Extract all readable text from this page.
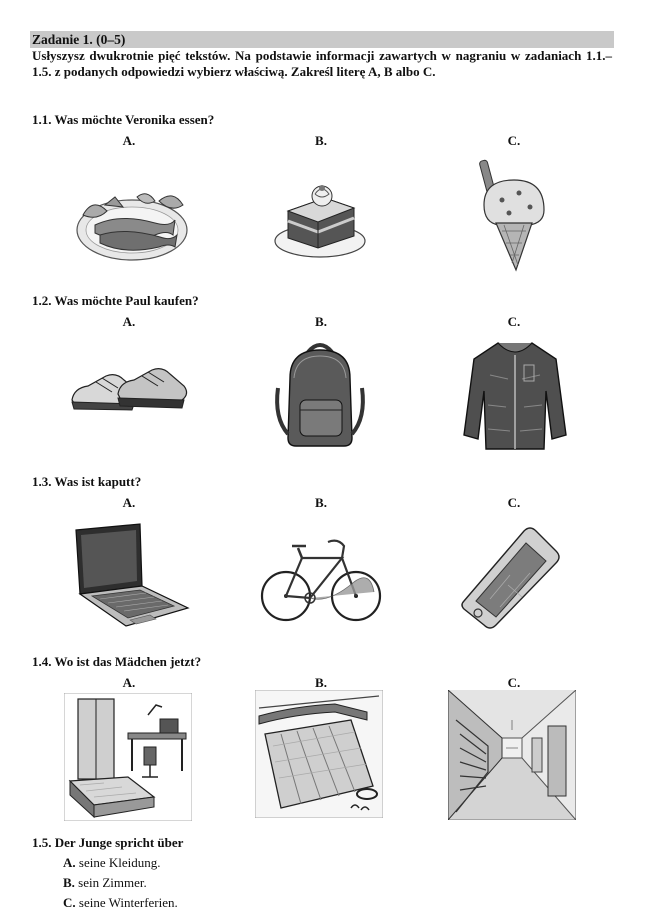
Zadanie 1. (0–5)
Usłyszysz dwukrotnie pięć tekstów. Na podstawie informacji zawartych w nagraniu w zadaniach 1.1.–1.5. z podanych odpowiedzi wybierz właściwą. Zakreśl literę A, B albo C.
1.1. Was möchte Veronika essen?
A.	B.	C.
1.2. Was möchte Paul kaufen?
A.	B.	C.
1.3. Was ist kaputt?
A.	B.	C.
1.4. Wo ist das Mädchen jetzt?
A.	B.	C.
1.5. Der Junge spricht über
A. seine Kleidung.
B. sein Zimmer.
C. seine Winterferien.
